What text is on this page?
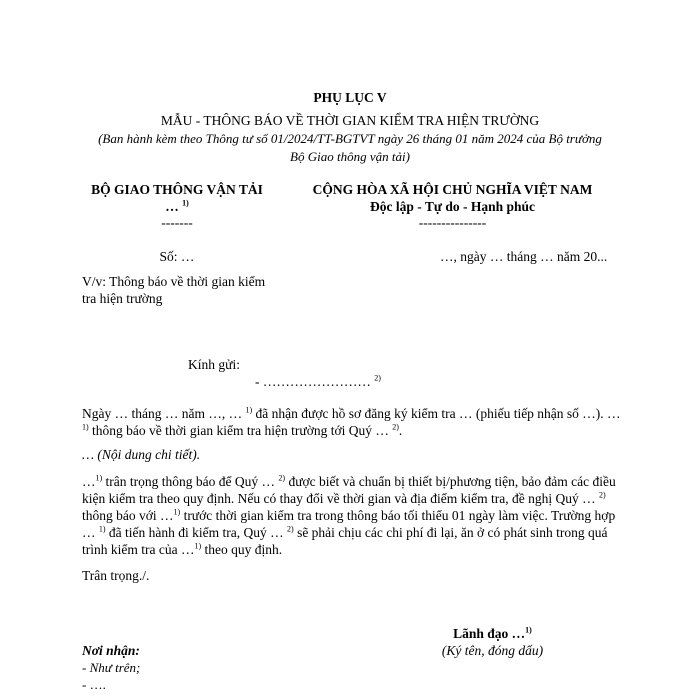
PHỤ LỤC V
MẪU - THÔNG BÁO VỀ THỜI GIAN KIỂM TRA HIỆN TRƯỜNG
(Ban hành kèm theo Thông tư số 01/2024/TT-BGTVT ngày 26 tháng 01 năm 2024 của Bộ trưởng
Bộ Giao thông vận tải)
BỘ GIAO THÔNG VẬN TẢI
… $^{1)}$
-------
Số: …
V/v: Thông báo về thời gian kiểm
tra hiện trường
CỘNG HÒA XÃ HỘI CHỦ NGHĨA VIỆT NAM
Độc lập - Tự do - Hạnh phúc
---------------
…, ngày … tháng … năm 20...
Kính gửi:
- …………………… $^{2)}$
Ngày … tháng … năm …, … $^{1)}$ đã nhận được hồ sơ đăng ký kiểm tra … (phiếu tiếp nhận số …). … $^{1)}$ thông báo về thời gian kiểm tra hiện trường tới Quý … $^{2)}$.
… (Nội dung chi tiết).
…$^{1)}$ trân trọng thông báo để Quý … $^{2)}$ được biết và chuẩn bị thiết bị/phương tiện, bảo đảm các điều kiện kiểm tra theo quy định. Nếu có thay đổi về thời gian và địa điểm kiểm tra, đề nghị Quý … $^{2)}$ thông báo với …$^{1)}$ trước thời gian kiểm tra trong thông báo tối thiểu 01 ngày làm việc. Trường hợp … $^{1)}$ đã tiến hành đi kiểm tra, Quý … $^{2)}$ sẽ phải chịu các chi phí đi lại, ăn ở có phát sinh trong quá trình kiểm tra của …$^{1)}$ theo quy định.
Trân trọng./.
Lãnh đạo …$^{1)}$
(Ký tên, đóng dấu)
Nơi nhận:
- Như trên;
- ….
